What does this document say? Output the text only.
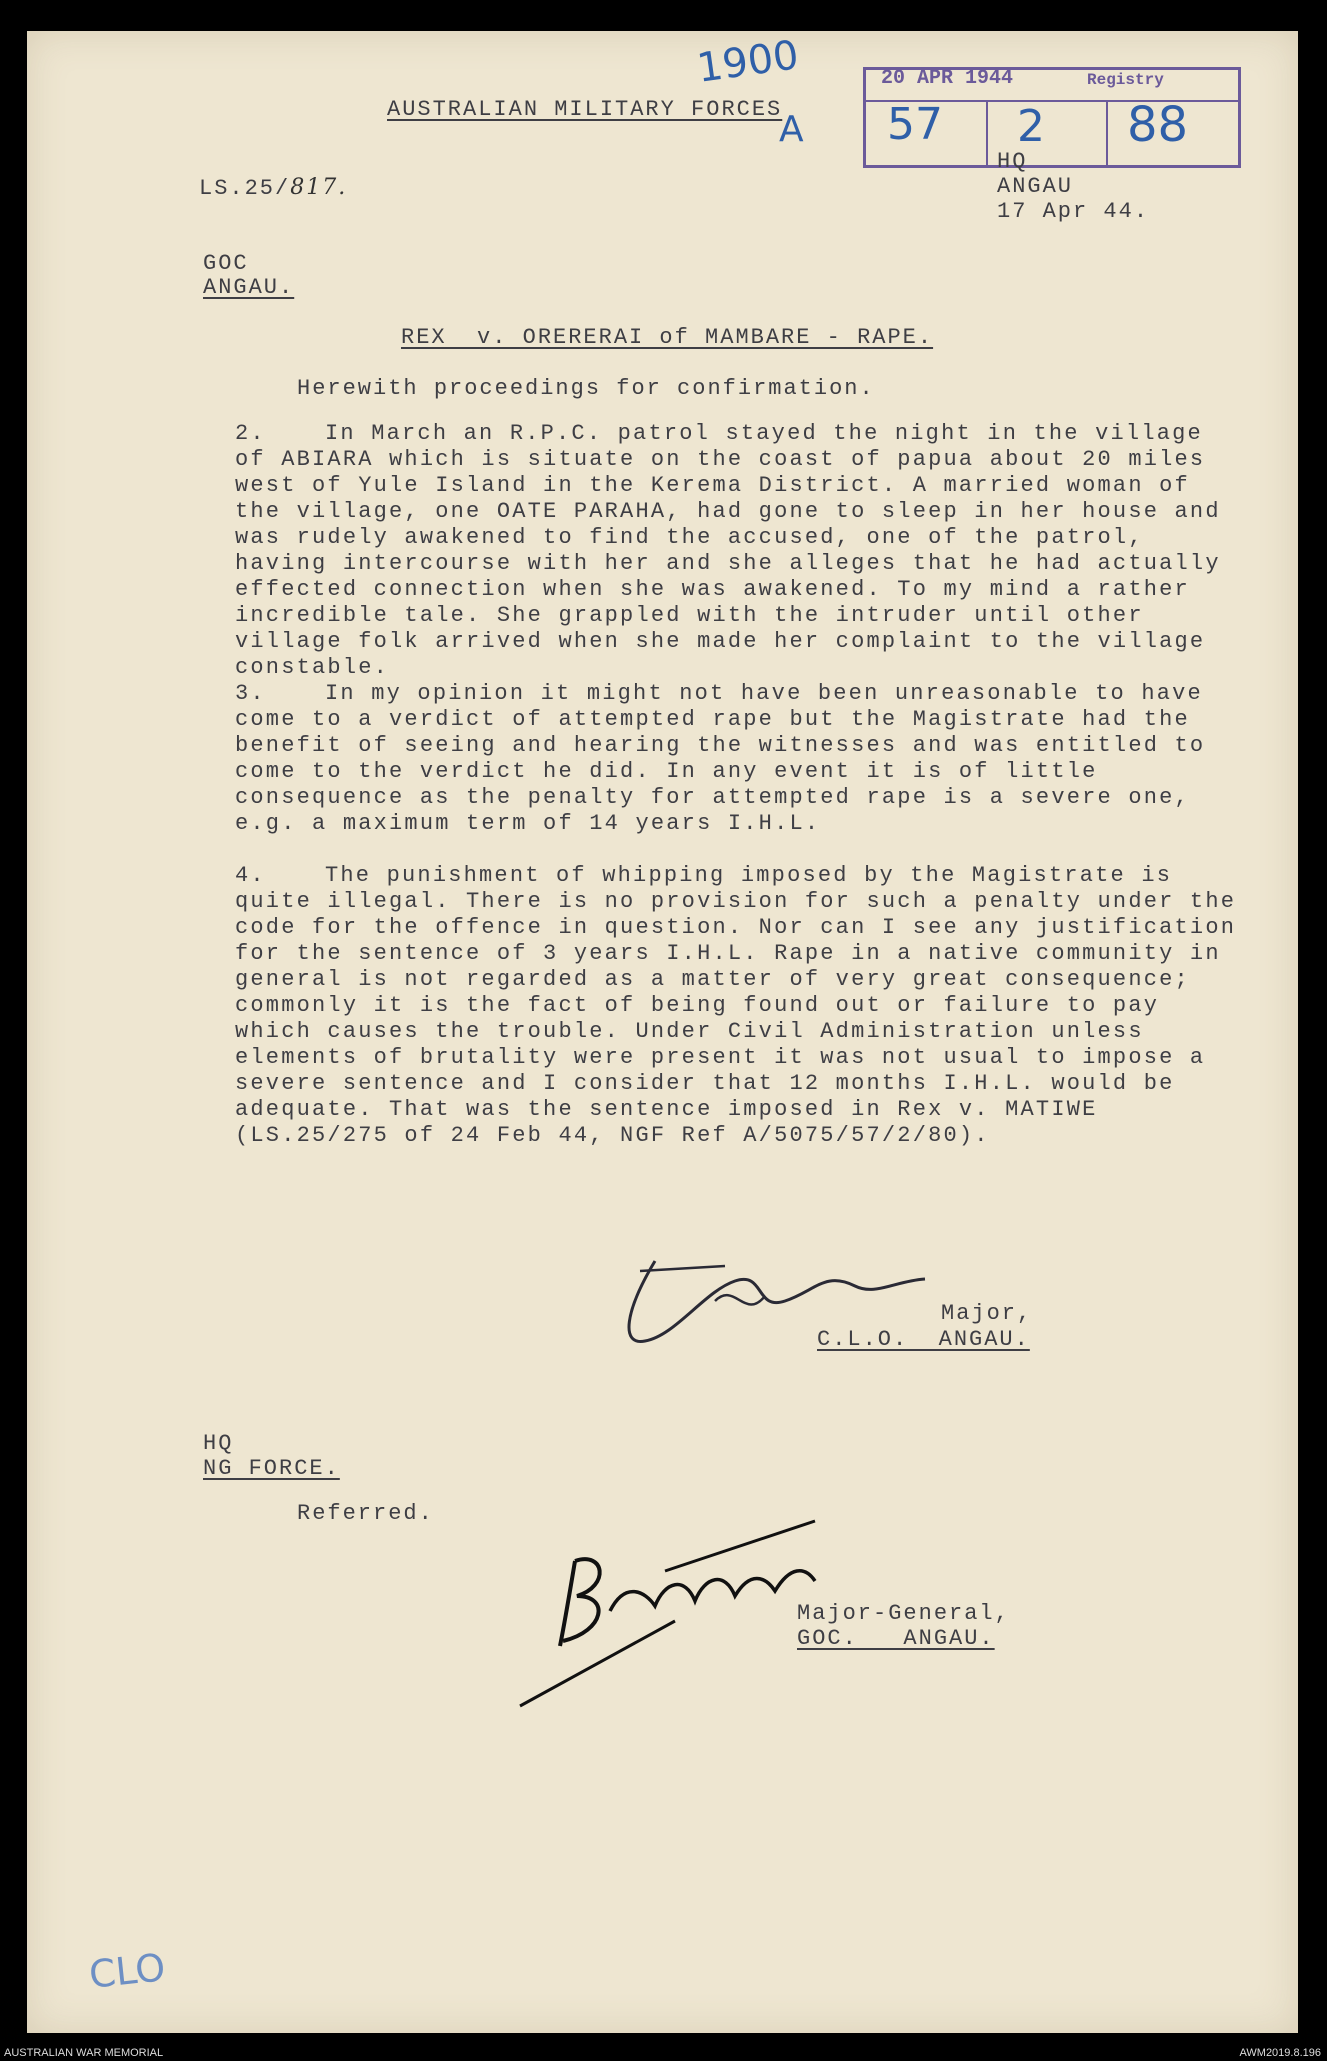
AUSTRALIAN MILITARY FORCES
1900
A
20 APR 1944	Registry
57 2 88
LS.25/817.
HQ
ANGAU
17 Apr 44.
GOC
ANGAU.
REX  v. ORERERAI of MAMBARE - RAPE.
Herewith proceedings for confirmation.
2.	In March an R.P.C. patrol stayed the night in the village of ABIARA which is situate on the coast of papua about 20 miles west of Yule Island in the Kerema District. A married woman of the village, one OATE PARAHA, had gone to sleep in her house and was rudely awakened to find the accused, one of the patrol, having intercourse with her and she alleges that he had actually effected connection when she was awakened. To my mind a rather incredible tale. She grappled with the intruder until other village folk arrived when she made her complaint to the village constable.
3.	In my opinion it might not have been unreasonable to have come to a verdict of attempted rape but the Magistrate had the benefit of seeing and hearing the witnesses and was entitled to come to the verdict he did. In any event it is of little consequence as the penalty for attempted rape is a severe one, e.g. a maximum term of 14 years I.H.L.
4.	The punishment of whipping imposed by the Magistrate is quite illegal. There is no provision for such a penalty under the code for the offence in question. Nor can I see any justification for the sentence of 3 years I.H.L. Rape in a native community in general is not regarded as a matter of very great consequence; commonly it is the fact of being found out or failure to pay which causes the trouble. Under Civil Administration unless elements of brutality were present it was not usual to impose a severe sentence and I consider that 12 months I.H.L. would be adequate. That was the sentence imposed in Rex v. MATIWE (LS.25/275 of 24 Feb 44, NGF Ref A/5075/57/2/80).
Major,
C.L.O.  ANGAU.
HQ
NG FORCE.
Referred.
Major-General,
GOC.   ANGAU.
CLO
AUSTRALIAN WAR MEMORIAL	AWM2019.8.196
